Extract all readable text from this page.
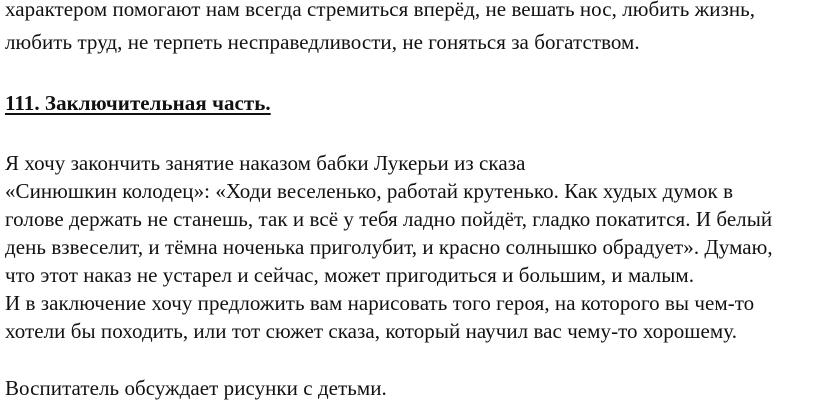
характером помогают нам всегда стремиться вперёд, не вешать нос, любить жизнь,
любить труд, не терпеть несправедливости, не гоняться за богатством.
111. Заключительная часть.
Я хочу закончить занятие наказом бабки Лукерьи из сказа
«Синюшкин колодец»: «Ходи веселенько, работай крутенько. Как худых думок в
голове держать не станешь, так и всё у тебя ладно пойдёт, гладко покатится. И белый
день взвеселит, и тёмна ноченька приголубит, и красно солнышко обрадует». Думаю,
что этот наказ не устарел и сейчас, может пригодиться и большим, и малым.
И в заключение хочу предложить вам нарисовать того героя, на которого вы чем-то
хотели бы походить, или тот сюжет сказа, который научил вас чему-то хорошему.
Воспитатель обсуждает рисунки с детьми.
